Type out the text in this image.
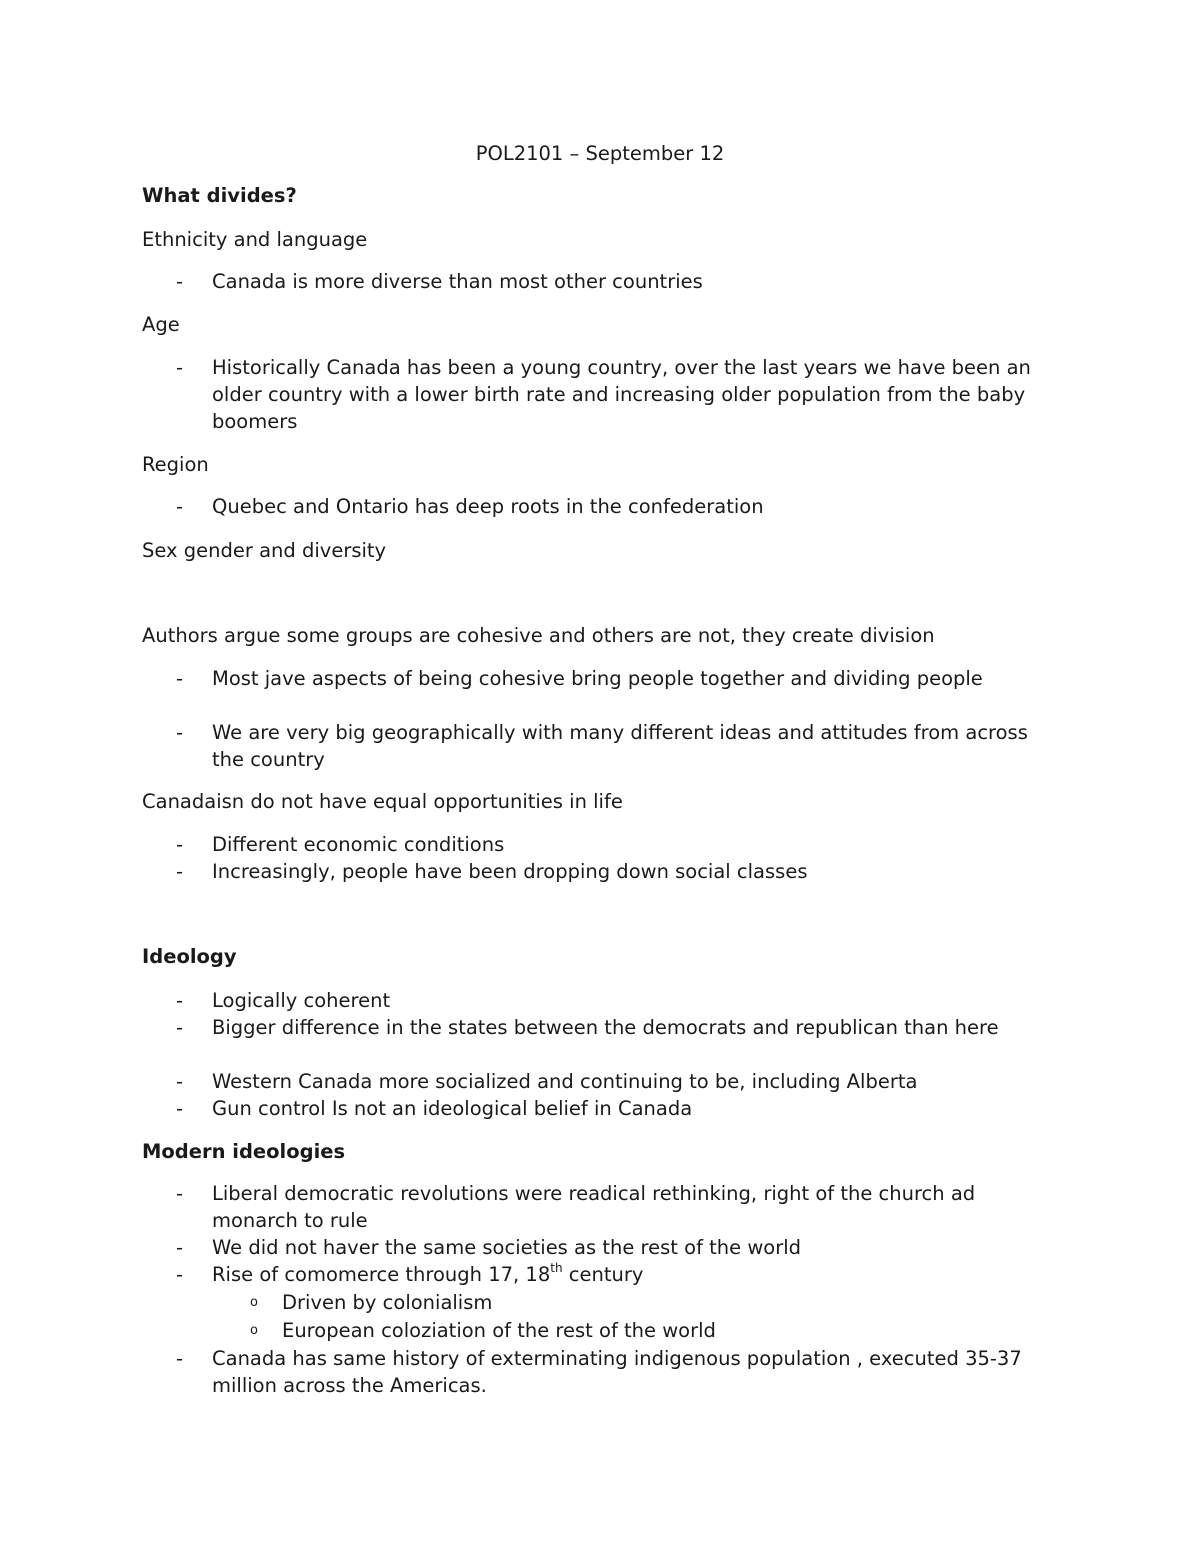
POL2101 – September 12
What divides?
Ethnicity and language
- Canada is more diverse than most other countries
Age
- Historically Canada has been a young country, over the last years we have been an older country with a lower birth rate and increasing older population from the baby boomers
Region
- Quebec and Ontario has deep roots in the confederation
Sex gender and diversity
Authors argue some groups are cohesive and others are not, they create division
- Most jave aspects of being cohesive bring people together and dividing people
- We are very big geographically with many different ideas and attitudes from across the country
Canadaisn do not have equal opportunities in life
- Different economic conditions
- Increasingly, people have been dropping down social classes
Ideology
- Logically coherent
- Bigger difference in the states between the democrats and republican than here
- Western Canada more socialized and continuing to be, including Alberta
- Gun control Is not an ideological belief in Canada
Modern ideologies
- Liberal democratic revolutions were readical rethinking, right of the church ad monarch to rule
- We did not haver the same societies as the rest of the world
- Rise of comomerce through 17, 18th century
o Driven by colonialism
o European coloziation of the rest of the world
- Canada has same history of exterminating indigenous population , executed 35-37 million across the Americas.
